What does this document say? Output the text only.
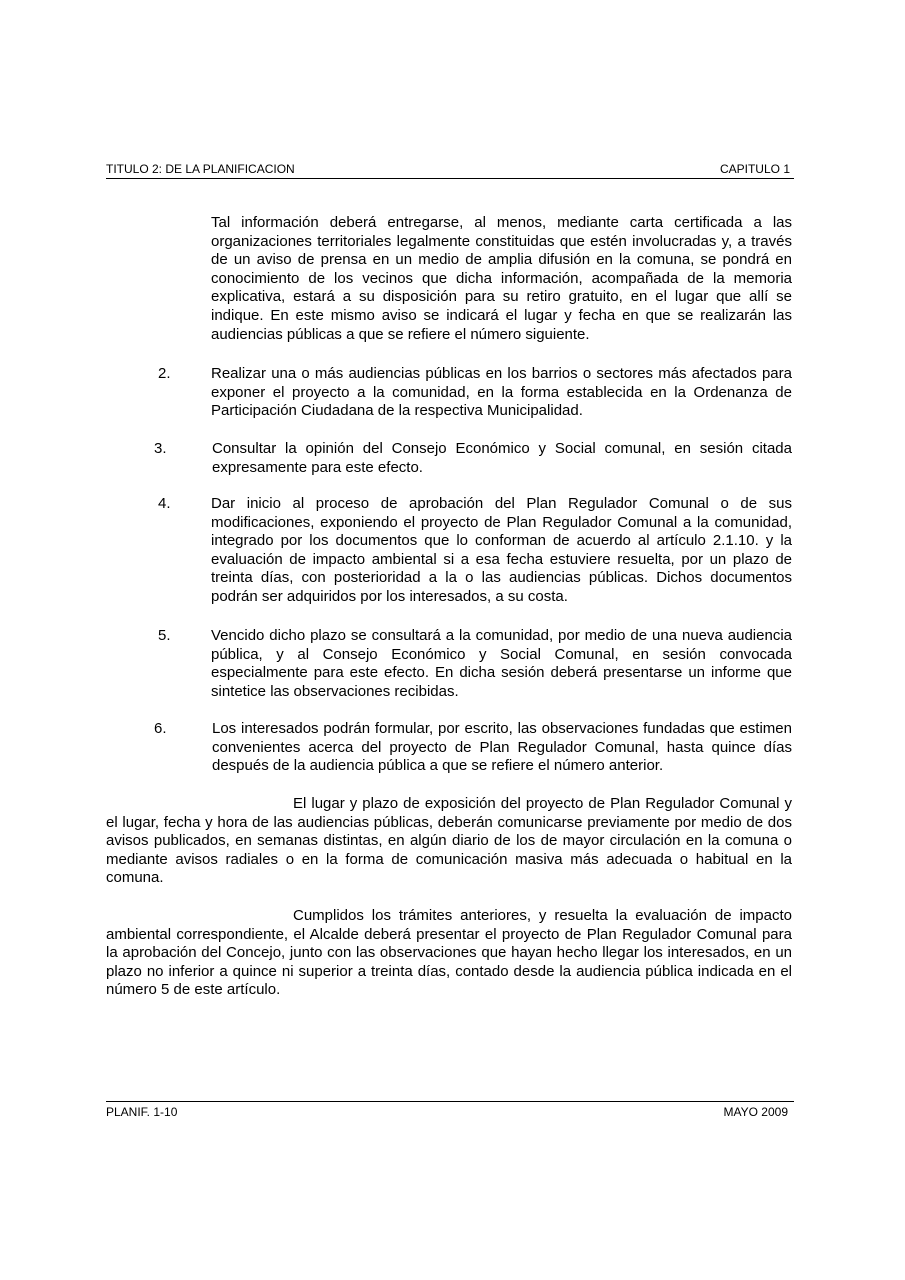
TITULO 2: DE LA PLANIFICACION	CAPITULO 1
Tal información deberá entregarse, al menos, mediante carta certificada a las organizaciones territoriales legalmente constituidas que estén involucradas y, a través de un aviso de prensa en un medio de amplia difusión en la comuna, se pondrá en conocimiento de los vecinos que dicha información, acompañada de la memoria explicativa, estará a su disposición para su retiro gratuito, en el lugar que allí se indique. En este mismo aviso se indicará el lugar y fecha en que se realizarán las audiencias públicas a que se refiere el número siguiente.
2.	Realizar una o más audiencias públicas en los barrios o sectores más afectados para exponer el proyecto a la comunidad, en la forma establecida en la Ordenanza de Participación Ciudadana de la respectiva Municipalidad.
3.	Consultar la opinión del Consejo Económico y Social comunal, en sesión citada expresamente para este efecto.
4.	Dar inicio al proceso de aprobación del Plan Regulador Comunal o de sus modificaciones, exponiendo el proyecto de Plan Regulador Comunal a la comunidad, integrado por los documentos que lo conforman de acuerdo al artículo 2.1.10. y la evaluación de impacto ambiental si a esa fecha estuviere resuelta, por un plazo de treinta días, con posterioridad a la o las audiencias públicas. Dichos documentos podrán ser adquiridos por los interesados, a su costa.
5.	Vencido dicho plazo se consultará a la comunidad, por medio de una nueva audiencia pública, y al Consejo Económico y Social Comunal, en sesión convocada especialmente para este efecto. En dicha sesión deberá presentarse un informe que sintetice las observaciones recibidas.
6.	Los interesados podrán formular, por escrito, las observaciones fundadas que estimen convenientes acerca del proyecto de Plan Regulador Comunal, hasta quince días después de la audiencia pública a que se refiere el número anterior.
El lugar y plazo de exposición del proyecto de Plan Regulador Comunal y el lugar, fecha y hora de las audiencias públicas, deberán comunicarse previamente por medio de dos avisos publicados, en semanas distintas, en algún diario de los de mayor circulación en la comuna o mediante avisos radiales o en la forma de comunicación masiva más adecuada o habitual en la comuna.
Cumplidos los trámites anteriores, y resuelta la evaluación de impacto ambiental correspondiente, el Alcalde deberá presentar el proyecto de Plan Regulador Comunal para la aprobación del Concejo, junto con las observaciones que hayan hecho llegar los interesados, en un plazo no inferior a quince ni superior a treinta días, contado desde la audiencia pública indicada en el número 5 de este artículo.
PLANIF. 1-10	MAYO 2009
